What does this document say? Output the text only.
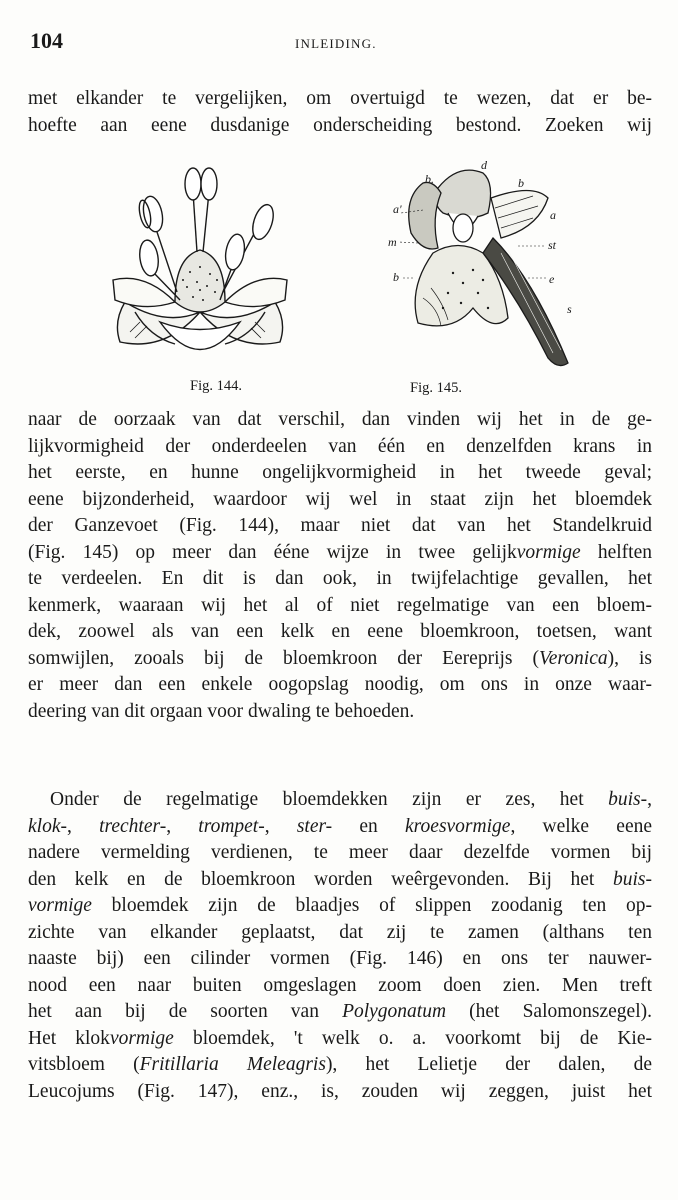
104	INLEIDING.
met elkander te vergelijken, om overtuigd te wezen, dat er be-
hoefte aan eene dusdanige onderscheiding bestond. Zoeken wij
d
b.	b
a'	a
m	st
b	e
s
Fig. 144.	Fig. 145.
naar de oorzaak van dat verschil, dan vinden wij het in de ge-
lijkvormigheid der onderdeelen van één en denzelfden krans in
het eerste, en hunne ongelijkvormigheid in het tweede geval;
eene bijzonderheid, waardoor wij wel in staat zijn het bloemdek
der Ganzevoet (Fig. 144), maar niet dat van het Standelkruid
(Fig. 145) op meer dan ééne wijze in twee gelijkvormige helften
te verdeelen. En dit is dan ook, in twijfelachtige gevallen, het
kenmerk, waaraan wij het al of niet regelmatige van een bloem-
dek, zoowel als van een kelk en eene bloemkroon, toetsen, want
somwijlen, zooals bij de bloemkroon der Eereprijs (Veronica), is
er meer dan een enkele oogopslag noodig, om ons in onze waar-
deering van dit orgaan voor dwaling te behoeden.
Onder de regelmatige bloemdekken zijn er zes, het buis-,
klok-, trechter-, trompet-, ster- en kroesvormige, welke eene
nadere vermelding verdienen, te meer daar dezelfde vormen bij
den kelk en de bloemkroon worden weêrgevonden. Bij het buis-
vormige bloemdek zijn de blaadjes of slippen zoodanig ten op-
zichte van elkander geplaatst, dat zij te zamen (althans ten
naaste bij) een cilinder vormen (Fig. 146) en ons ter nauwer-
nood een naar buiten omgeslagen zoom doen zien. Men treft
het aan bij de soorten van Polygonatum (het Salomonszegel).
Het klokvormige bloemdek, 't welk o. a. voorkomt bij de Kie-
vitsbloem (Fritillaria Meleagris), het Lelietje der dalen, de
Leucojums (Fig. 147), enz., is, zouden wij zeggen, juist het
